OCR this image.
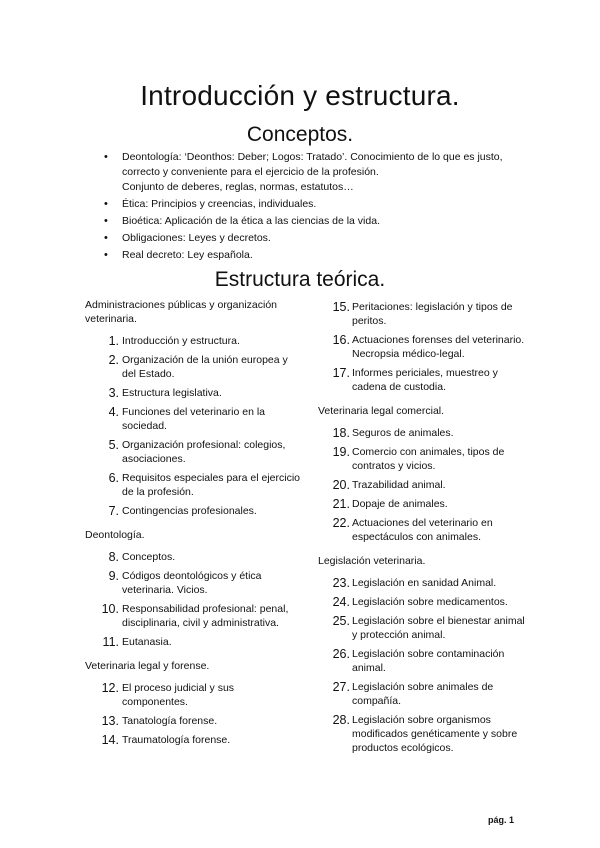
Introducción y estructura.
Conceptos.
• Deontología: ‘Deonthos: Deber; Logos: Tratado’. Conocimiento de lo que es justo,
correcto y conveniente para el ejercicio de la profesión.
Conjunto de deberes, reglas, normas, estatutos…
• Ética: Principios y creencias, individuales.
• Bioética: Aplicación de la ética a las ciencias de la vida.
• Obligaciones: Leyes y decretos.
• Real decreto: Ley española.
Estructura teórica.
Administraciones públicas y organización veterinaria.
1. Introducción y estructura.
2. Organización de la unión europea y del Estado.
3. Estructura legislativa.
4. Funciones del veterinario en la sociedad.
5. Organización profesional: colegios, asociaciones.
6. Requisitos especiales para el ejercicio de la profesión.
7. Contingencias profesionales.
Deontología.
8. Conceptos.
9. Códigos deontológicos y ética veterinaria. Vicios.
10. Responsabilidad profesional: penal, disciplinaria, civil y administrativa.
11. Eutanasia.
Veterinaria legal y forense.
12. El proceso judicial y sus componentes.
13. Tanatología forense.
14. Traumatología forense.
15. Peritaciones: legislación y tipos de peritos.
16. Actuaciones forenses del veterinario. Necropsia médico-legal.
17. Informes periciales, muestreo y cadena de custodia.
Veterinaria legal comercial.
18. Seguros de animales.
19. Comercio con animales, tipos de contratos y vicios.
20. Trazabilidad animal.
21. Dopaje de animales.
22. Actuaciones del veterinario en espectáculos con animales.
Legislación veterinaria.
23. Legislación en sanidad Animal.
24. Legislación sobre medicamentos.
25. Legislación sobre el bienestar animal y protección animal.
26. Legislación sobre contaminación animal.
27. Legislación sobre animales de compañía.
28. Legislación sobre organismos modificados genéticamente y sobre productos ecológicos.
pág. 1
